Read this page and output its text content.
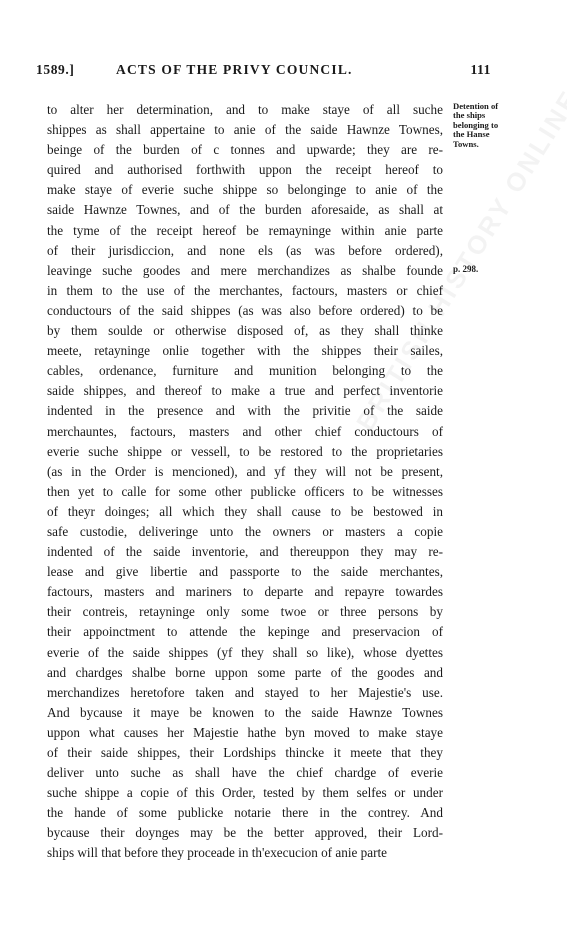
1589.]	ACTS OF THE PRIVY COUNCIL.	111
to alter her determination, and to make staye of all suche
shippes as shall appertaine to anie of the saide Hawnze Townes,
beinge of the burden of c tonnes and upwarde; they are re-
quired and authorised forthwith uppon the receipt hereof to
make staye of everie suche shippe so belonginge to anie of the
saide Hawnze Townes, and of the burden aforesaide, as shall at
the tyme of the receipt hereof be remayninge within anie parte
of their jurisdiccion, and none els (as was before ordered),
leavinge suche goodes and mere merchandizes as shalbe founde
in them to the use of the merchantes, factours, masters or chief
conductours of the said shippes (as was also before ordered) to be
by them soulde or otherwise disposed of, as they shall thinke
meete, retayninge onlie together with the shippes their sailes,
cables, ordenance, furniture and munition belonging to the
saide shippes, and thereof to make a true and perfect inventorie
indented in the presence and with the privitie of the saide
merchauntes, factours, masters and other chief conductours of
everie suche shippe or vessell, to be restored to the proprietaries
(as in the Order is mencioned), and yf they will not be present,
then yet to calle for some other publicke officers to be witnesses
of theyr doinges; all which they shall cause to be bestowed in
safe custodie, deliveringe unto the owners or masters a copie
indented of the saide inventorie, and thereuppon they may re-
lease and give libertie and passporte to the saide merchantes,
factours, masters and mariners to departe and repayre towardes
their contreis, retayninge only some twoe or three persons by
their appoinctment to attende the kepinge and preservacion of
everie of the saide shippes (yf they shall so like), whose dyettes
and chardges shalbe borne uppon some parte of the goodes and
merchandizes heretofore taken and stayed to her Majestie's use.
And bycause it maye be knowen to the saide Hawnze Townes
uppon what causes her Majestie hathe byn moved to make staye
of their saide shippes, their Lordships thincke it meete that they
deliver unto suche as shall have the chief chardge of everie
suche shippe a copie of this Order, tested by them selfes or under
the hande of some publicke notarie there in the contrey. And
bycause their doynges may be the better approved, their Lord-
ships will that before they proceade in th'execucion of anie parte
Detention of
the ships
belonging to
the Hanse
Towns.
p. 298.
